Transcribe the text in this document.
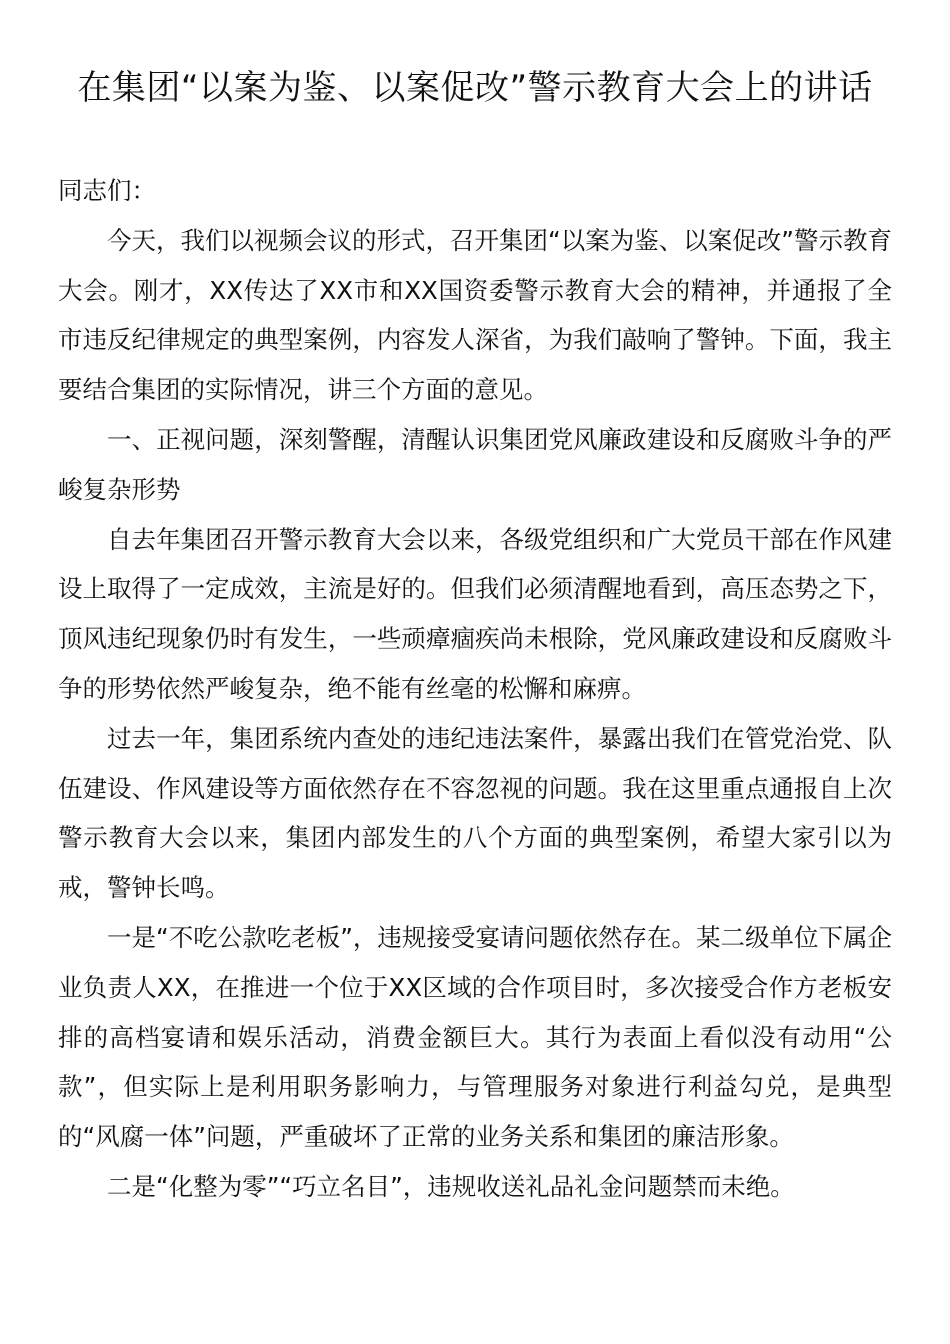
在集团“以案为鉴、以案促改”警示教育大会上的讲话

同志们：

今天，我们以视频会议的形式，召开集团“以案为鉴、以案促改”警示教育大会。刚才，XX传达了XX市和XX国资委警示教育大会的精神，并通报了全市违反纪律规定的典型案例，内容发人深省，为我们敲响了警钟。下面，我主要结合集团的实际情况，讲三个方面的意见。

一、正视问题，深刻警醒，清醒认识集团党风廉政建设和反腐败斗争的严峻复杂形势

自去年集团召开警示教育大会以来，各级党组织和广大党员干部在作风建设上取得了一定成效，主流是好的。但我们必须清醒地看到，高压态势之下，顶风违纪现象仍时有发生，一些顽瘴痼疾尚未根除，党风廉政建设和反腐败斗争的形势依然严峻复杂，绝不能有丝毫的松懈和麻痹。

过去一年，集团系统内查处的违纪违法案件，暴露出我们在管党治党、队伍建设、作风建设等方面依然存在不容忽视的问题。我在这里重点通报自上次警示教育大会以来，集团内部发生的八个方面的典型案例，希望大家引以为戒，警钟长鸣。

一是“不吃公款吃老板”，违规接受宴请问题依然存在。某二级单位下属企业负责人XX，在推进一个位于XX区域的合作项目时，多次接受合作方老板安排的高档宴请和娱乐活动，消费金额巨大。其行为表面上看似没有动用“公款”，但实际上是利用职务影响力，与管理服务对象进行利益勾兑，是典型的“风腐一体”问题，严重破坏了正常的业务关系和集团的廉洁形象。

二是“化整为零”“巧立名目”，违规收送礼品礼金问题禁而未绝。
